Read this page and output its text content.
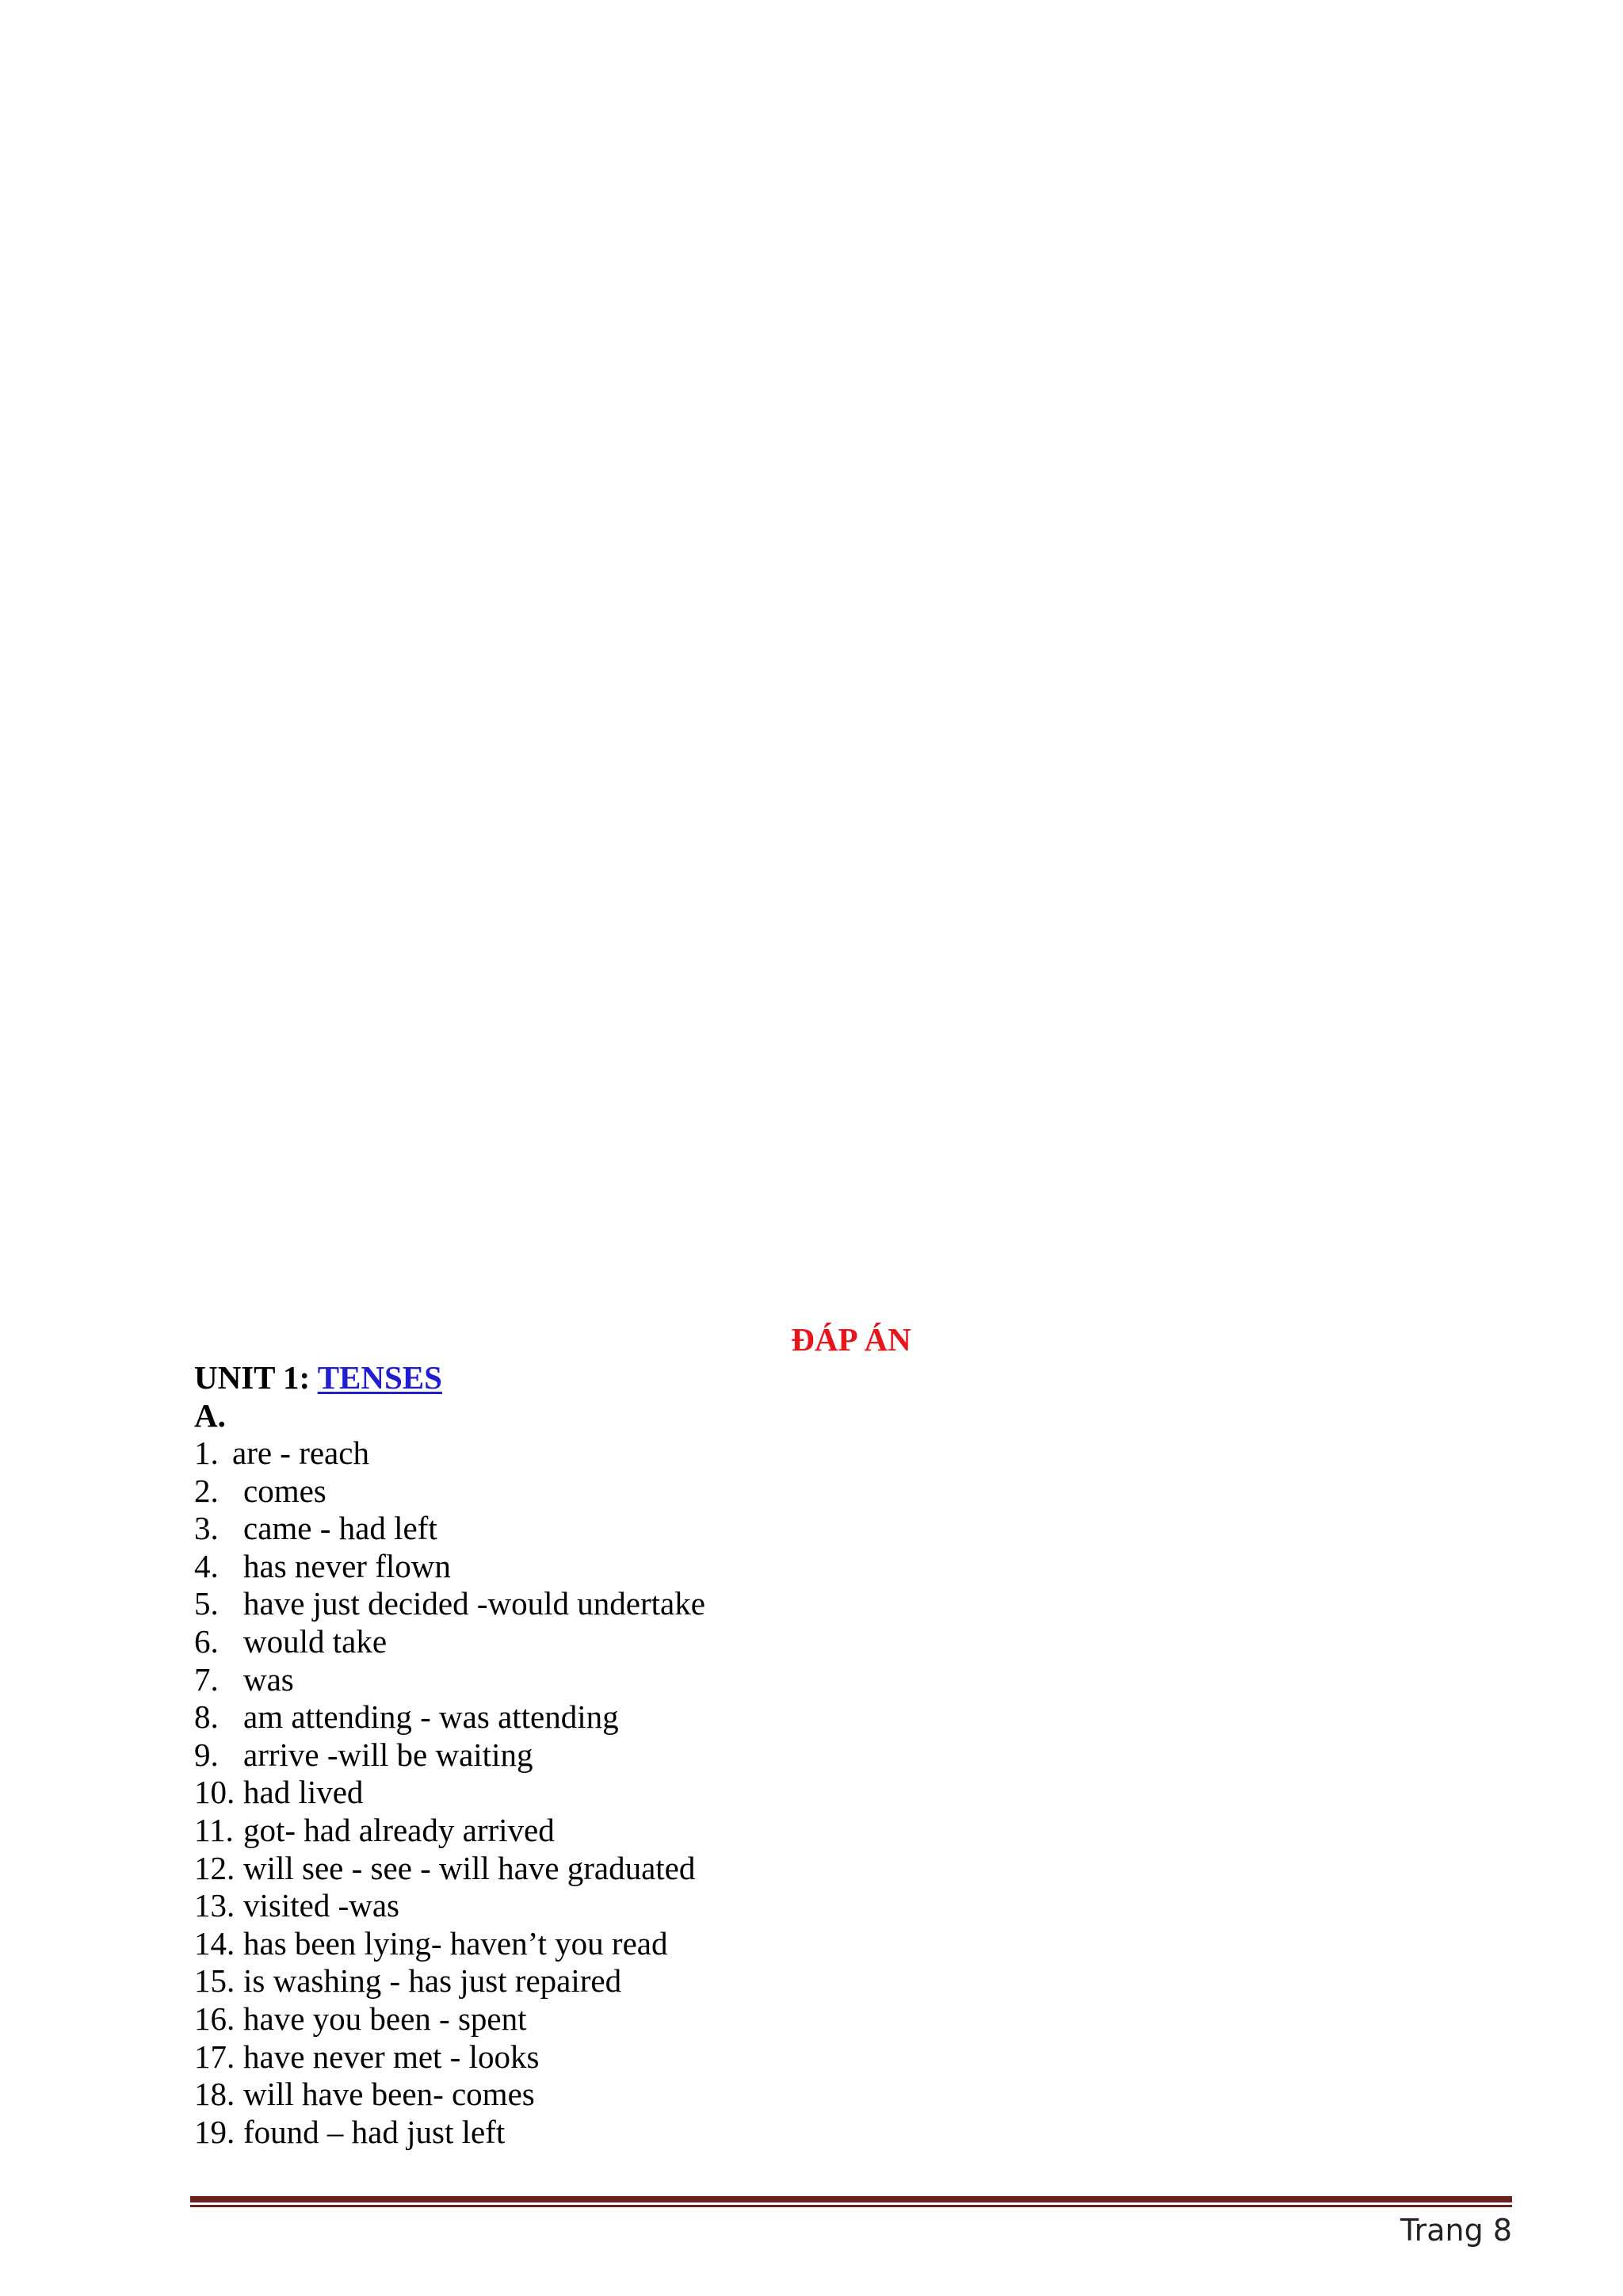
ĐÁP ÁN

UNIT 1: TENSES

A.

1. are - reach
2. comes
3. came - had left
4. has never flown
5. have just decided -would undertake
6. would take
7. was
8. am attending - was attending
9. arrive -will be waiting
10. had lived
11. got- had already arrived
12. will see - see - will have graduated
13. visited -was
14. has been lying- haven’t you read
15. is washing - has just repaired
16. have you been - spent
17. have never met - looks
18. will have been- comes
19. found – had just left

Trang 8
